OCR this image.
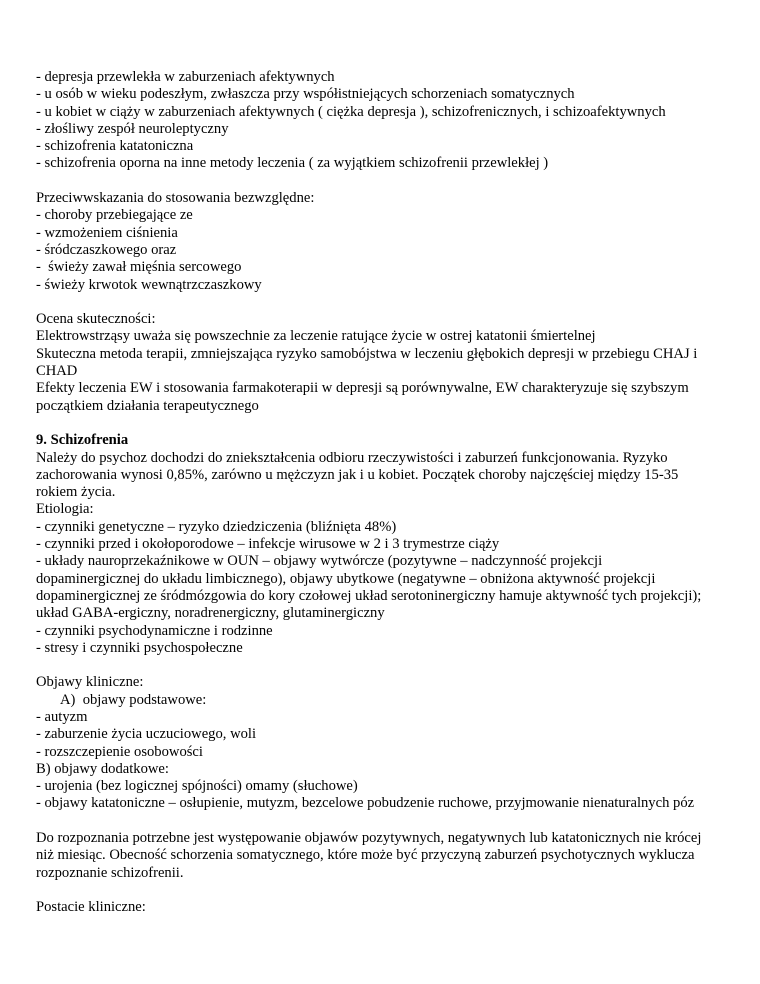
- depresja przewlekła w zaburzeniach afektywnych

- u osób w wieku podeszłym, zwłaszcza przy współistniejących schorzeniach somatycznych

- u kobiet w ciąży w zaburzeniach afektywnych ( ciężka depresja ), schizofrenicznych, i schizoafektywnych

- złośliwy zespół neuroleptyczny

- schizofrenia katatoniczna

- schizofrenia oporna na inne metody leczenia ( za wyjątkiem schizofrenii przewlekłej )

Przeciwwskazania do stosowania bezwzględne:

- choroby przebiegające ze

- wzmożeniem ciśnienia

- śródczaszkowego oraz

-  świeży zawał mięśnia sercowego

- świeży krwotok wewnątrzczaszkowy

Ocena skuteczności:

Elektrowstrząsy uważa się powszechnie za leczenie ratujące życie w ostrej katatonii śmiertelnej

Skuteczna metoda terapii, zmniejszająca ryzyko samobójstwa w leczeniu głębokich depresji w przebiegu CHAJ i

CHAD

Efekty leczenia EW i stosowania farmakoterapii w depresji są porównywalne, EW charakteryzuje się szybszym

początkiem działania terapeutycznego

9. Schizofrenia

Należy do psychoz dochodzi do zniekształcenia odbioru rzeczywistości i zaburzeń funkcjonowania. Ryzyko

zachorowania wynosi 0,85%, zarówno u mężczyzn jak i u kobiet. Początek choroby najczęściej między 15-35

rokiem życia.

Etiologia:

- czynniki genetyczne – ryzyko dziedziczenia (bliźnięta 48%)

- czynniki przed i okołoporodowe – infekcje wirusowe w 2 i 3 trymestrze ciąży

- układy nauroprzekaźnikowe w OUN – objawy wytwórcze (pozytywne – nadczynność projekcji

dopaminergicznej do układu limbicznego), objawy ubytkowe (negatywne – obniżona aktywność projekcji

dopaminergicznej ze śródmózgowia do kory czołowej układ serotoninergiczny hamuje aktywność tych projekcji);

układ GABA-ergiczny, noradrenergiczny, glutaminergiczny

- czynniki psychodynamiczne i rodzinne

- stresy i czynniki psychospołeczne

Objawy kliniczne:

A)  objawy podstawowe:

- autyzm

- zaburzenie życia uczuciowego, woli

- rozszczepienie osobowości

B) objawy dodatkowe:

- urojenia (bez logicznej spójności) omamy (słuchowe)

- objawy katatoniczne – osłupienie, mutyzm, bezcelowe pobudzenie ruchowe, przyjmowanie nienaturalnych póz

Do rozpoznania potrzebne jest występowanie objawów pozytywnych, negatywnych lub katatonicznych nie krócej

niż miesiąc. Obecność schorzenia somatycznego, które może być przyczyną zaburzeń psychotycznych wyklucza

rozpoznanie schizofrenii.

Postacie kliniczne:
